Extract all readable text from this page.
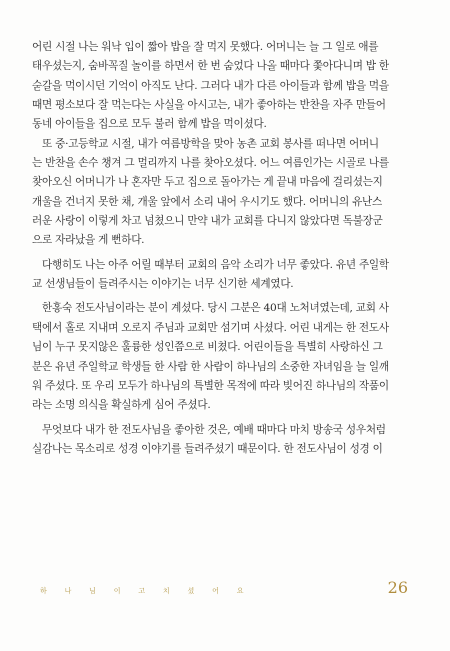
어린 시절 나는 워낙 입이 짧아 밥을 잘 먹지 못했다. 어머니는 늘 그 일로 애를
태우셨는지, 숨바꼭질 놀이를 하면서 한 번 숨었다 나올 때마다 쫓아다니며 밥 한
숟갈을 먹이시던 기억이 아직도 난다. 그러다 내가 다른 아이들과 함께 밥을 먹을
때면 평소보다 잘 먹는다는 사실을 아시고는, 내가 좋아하는 반찬을 자주 만들어
동네 아이들을 집으로 모두 불러 함께 밥을 먹이셨다.
또 중·고등학교 시절, 내가 여름방학을 맞아 농촌 교회 봉사를 떠나면 어머니
는 반찬을 손수 챙겨 그 멀리까지 나를 찾아오셨다. 어느 여름인가는 시골로 나를
찾아오신 어머니가 나 혼자만 두고 집으로 돌아가는 게 끝내 마음에 걸리셨는지
개울을 건너지 못한 채, 개울 앞에서 소리 내어 우시기도 했다. 어머니의 유난스
러운 사랑이 이렇게 차고 넘쳤으니 만약 내가 교회를 다니지 않았다면 독불장군
으로 자라났을 게 뻔하다.
다행히도 나는 아주 어릴 때부터 교회의 음악 소리가 너무 좋았다. 유년 주일학
교 선생님들이 들려주시는 이야기는 너무 신기한 세계였다.
한홍숙 전도사님이라는 분이 계셨다. 당시 그분은 40대 노처녀였는데, 교회 사
택에서 홀로 지내며 오로지 주님과 교회만 섬기며 사셨다. 어린 내게는 한 전도사
님이 누구 못지않은 훌륭한 성인쯤으로 비쳤다. 어린이들을 특별히 사랑하신 그
분은 유년 주일학교 학생들 한 사람 한 사람이 하나님의 소중한 자녀임을 늘 일깨
워 주셨다. 또 우리 모두가 하나님의 특별한 목적에 따라 빚어진 하나님의 작품이
라는 소명 의식을 확실하게 심어 주셨다.
무엇보다 내가 한 전도사님을 좋아한 것은, 예배 때마다 마치 방송국 성우처럼
실감나는 목소리로 성경 이야기를 들려주셨기 때문이다. 한 전도사님이 성경 이
하 나 님 이 고 치 셨 어 요	26
